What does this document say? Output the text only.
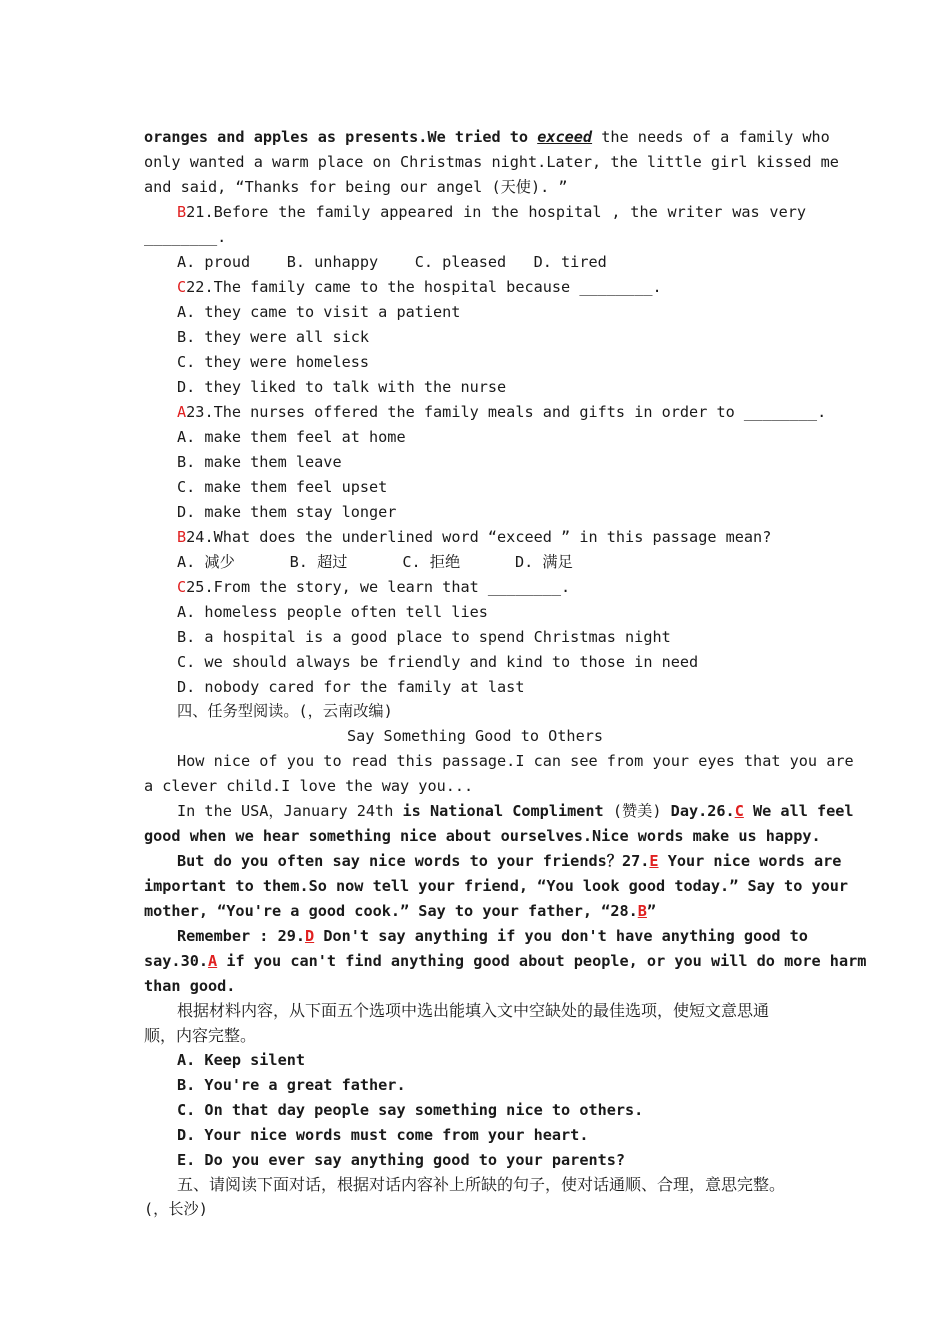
oranges and apples as presents.We tried to exceed the needs of a family who
only wanted a warm place on Christmas night.Later, the little girl kissed me
and said, “Thanks for being our angel (天使). ”
B21.Before the family appeared in the hospital , the writer was very
________.
A. proud    B. unhappy    C. pleased   D. tired
C22.The family came to the hospital because ________.
A. they came to visit a patient
B. they were all sick
C. they were homeless
D. they liked to talk with the nurse
A23.The nurses offered the family meals and gifts in order to ________.
A. make them feel at home
B. make them leave
C. make them feel upset
D. make them stay longer
B24.What does the underlined word “exceed ” in this passage mean?
A. 减少      B. 超过      C. 拒绝      D. 满足
C25.From the story, we learn that ________.
A. homeless people often tell lies
B. a hospital is a good place to spend Christmas night
C. we should always be friendly and kind to those in need
D. nobody cared for the family at last
四、任务型阅读。(，云南改编)
Say Something Good to Others
How nice of you to read this passage.I can see from your eyes that you are
a clever child.I love the way you...
In the USA，January 24th is National Compliment (赞美) Day.26.C We all feel
good when we hear something nice about ourselves.Nice words make us happy.
But do you often say nice words to your friends？27.E Your nice words are
important to them.So now tell your friend, “You look good today.” Say to your
mother, “You're a good cook.” Say to your father, “28.B”
Remember : 29.D Don't say anything if you don't have anything good to
say.30.A if you can't find anything good about people, or you will do more harm
than good.
根据材料内容，从下面五个选项中选出能填入文中空缺处的最佳选项，使短文意思通
顺，内容完整。
A. Keep silent
B. You're a great father.
C. On that day people say something nice to others.
D. Your nice words must come from your heart.
E. Do you ever say anything good to your parents?
五、请阅读下面对话，根据对话内容补上所缺的句子，使对话通顺、合理，意思完整。
(，长沙)
